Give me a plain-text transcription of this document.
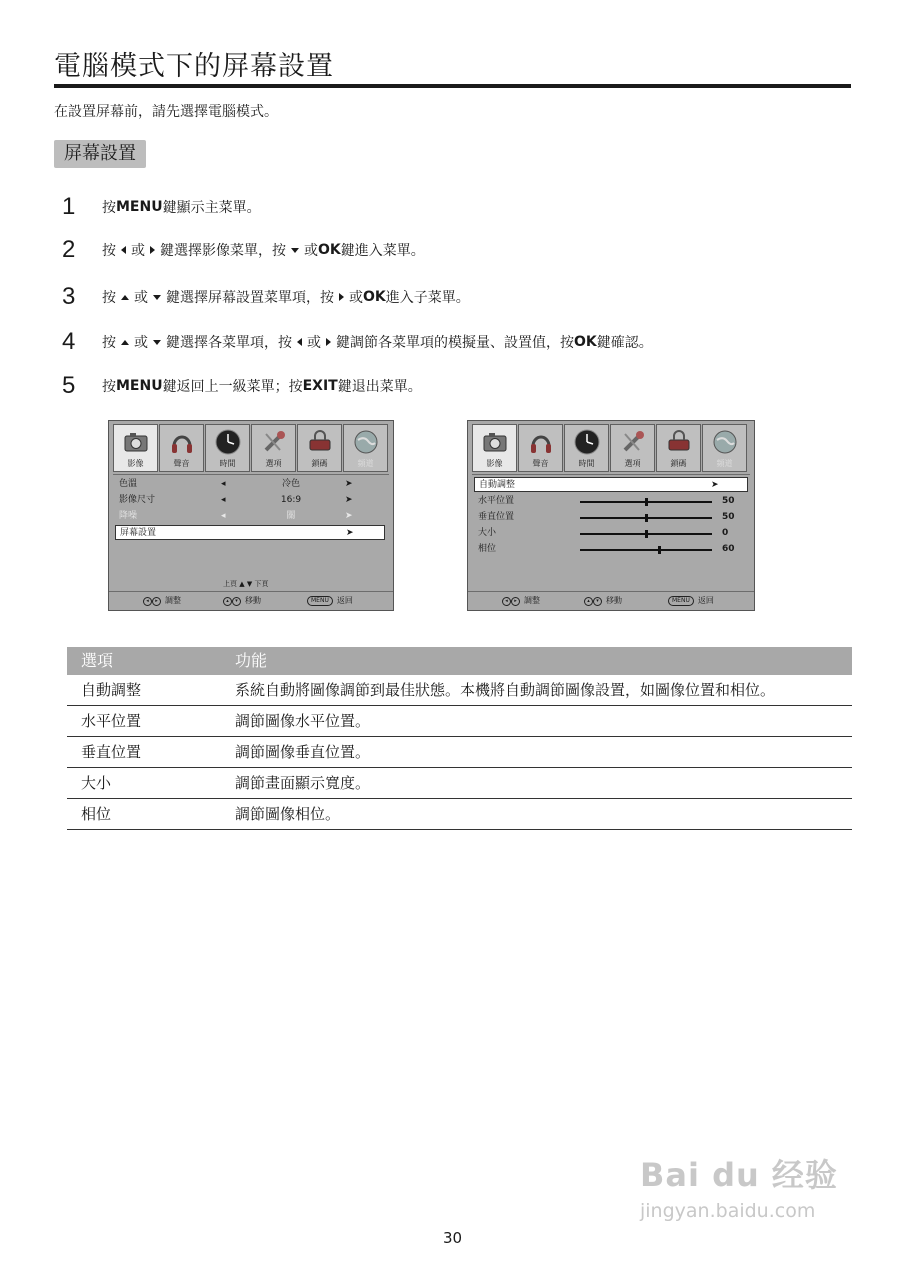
電腦模式下的屏幕設置
在設置屏幕前，請先選擇電腦模式。
屏幕設置
1	按 MENU 鍵顯示主菜單。
2	按 或 鍵選擇影像菜單，按 或 OK 鍵進入菜單。
3	按 或 鍵選擇屏幕設置菜單項，按 或 OK 進入子菜單。
4	按 或 鍵選擇各菜單項，按 或 鍵調節各菜單項的模擬量、設置值，按 OK 鍵確認。
5	按 MENU 鍵返回上一級菜單；按 EXIT 鍵退出菜單。
影像	聲音	時間	選項	鎖碼	頻道
色溫	◂	冷色	➤
影像尺寸	◂	16:9	➤
降噪	◂	關	➤
屏幕設置	➤
上頁 ▲ ▼ 下頁
◂ ▸ 調整	▴ ▾ 移動	MENU	返回
影像	聲音	時間	選項	鎖碼	頻道
自動調整	➤
水平位置	50
垂直位置	50
大小	0
相位	60
◂ ▸ 調整	▴ ▾ 移動	MENU	返回
選項	功能
自動調整	系統自動將圖像調節到最佳狀態。本機將自動調節圖像設置，如圖像位置和相位。
水平位置	調節圖像水平位置。
垂直位置	調節圖像垂直位置。
大小	調節畫面顯示寬度。
相位	調節圖像相位。
30
Bai du 经验
jingyan.baidu.com
